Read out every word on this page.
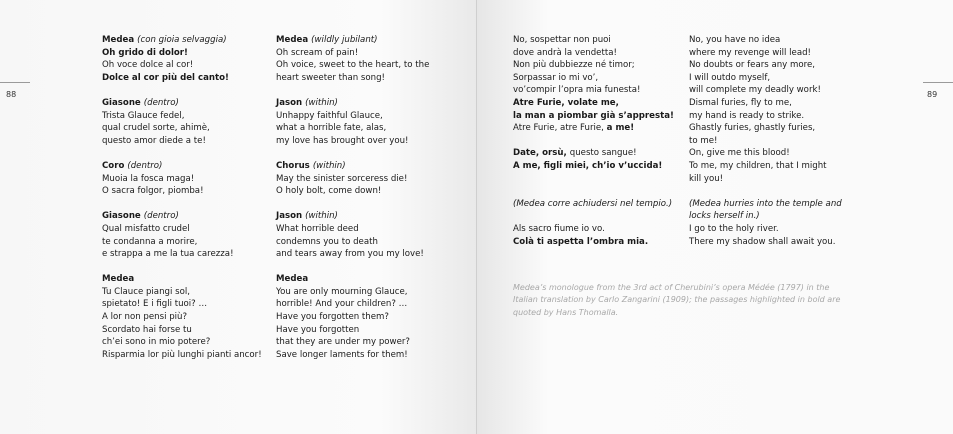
88	89
Medea (con gioia selvaggia)
Oh grido di dolor!
Oh voce dolce al cor!
Dolce al cor più del canto!
Giasone (dentro)
Trista Glauce fedel,
qual crudel sorte, ahimè,
questo amor diede a te!
Coro (dentro)
Muoia la fosca maga!
O sacra folgor, piomba!
Giasone (dentro)
Qual misfatto crudel
te condanna a morire,
e strappa a me la tua carezza!
Medea
Tu Clauce piangi sol,
spietato! E i figli tuoi? …
A lor non pensi più?
Scordato hai forse tu
ch’ei sono in mio potere?
Risparmia lor più lunghi pianti ancor!
Medea (wildly jubilant)
Oh scream of pain!
Oh voice, sweet to the heart, to the
heart sweeter than song!
Jason (within)
Unhappy faithful Glauce,
what a horrible fate, alas,
my love has brought over you!
Chorus (within)
May the sinister sorceress die!
O holy bolt, come down!
Jason (within)
What horrible deed
condemns you to death
and tears away from you my love!
Medea
You are only mourning Glauce,
horrible! And your children? …
Have you forgotten them?
Have you forgotten
that they are under my power?
Save longer laments for them!
No, sospettar non puoi
dove andrà la vendetta!
Non più dubbiezze né timor;
Sorpassar io mi vo’,
vo’compir l’opra mia funesta!
Atre Furie, volate me,
la man a piombar già s’appresta!
Atre Furie, atre Furie, a me!
Date, orsù, questo sangue!
A me, figli miei, ch’io v’uccida!
(Medea corre achiudersi nel tempio.)
Als sacro fiume io vo.
Colà ti aspetta l’ombra mia.
No, you have no idea
where my revenge will lead!
No doubts or fears any more,
I will outdo myself,
will complete my deadly work!
Dismal furies, fly to me,
my hand is ready to strike.
Ghastly furies, ghastly furies,
to me!
On, give me this blood!
To me, my children, that I might
kill you!
(Medea hurries into the temple and locks herself in.)
I go to the holy river.
There my shadow shall await you.
Medea’s monologue from the 3rd act of Cherubini’s opera Médée (1797) in the Italian translation by Carlo Zangarini (1909); the passages highlighted in bold are quoted by Hans Thomalla.
